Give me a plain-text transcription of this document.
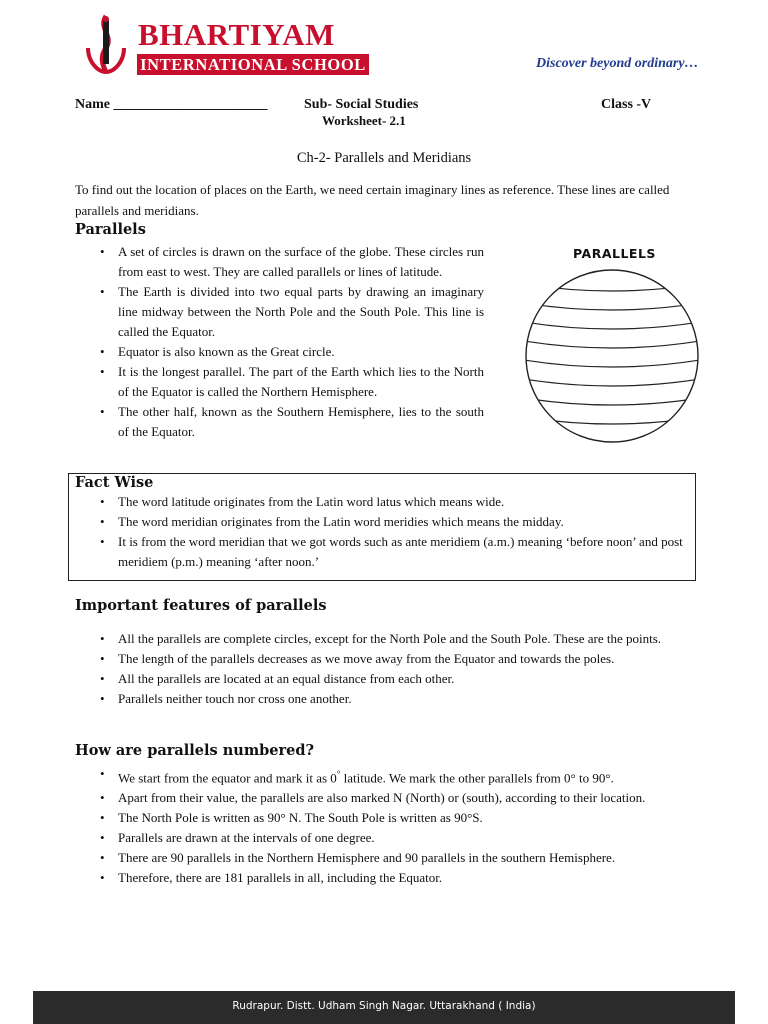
BHARTIYAM
INTERNATIONAL SCHOOL	Discover beyond ordinary…
Name ______________________	Sub- Social Studies	Class -V
Worksheet- 2.1
Ch-2- Parallels and Meridians
To find out the location of places on the Earth, we need certain imaginary lines as reference. These lines are called parallels and meridians.
Parallels
• A set of circles is drawn on the surface of the globe. These circles run from east to west. They are called parallels or lines of latitude.
• The Earth is divided into two equal parts by drawing an imaginary line midway between the North Pole and the South Pole. This line is called the Equator.
• Equator is also known as the Great circle.
• It is the longest parallel. The part of the Earth which lies to the North of the Equator is called the Northern Hemisphere.
• The other half, known as the Southern Hemisphere, lies to the south of the Equator.
PARALLELS
Fact Wise
• The word latitude originates from the Latin word latus which means wide.
• The word meridian originates from the Latin word meridies which means the midday.
• It is from the word meridian that we got words such as ante meridiem (a.m.) meaning ‘before noon’ and post meridiem (p.m.) meaning ‘after noon.’
Important features of parallels
• All the parallels are complete circles, except for the North Pole and the South Pole. These are the points.
• The length of the parallels decreases as we move away from the Equator and towards the poles.
• All the parallels are located at an equal distance from each other.
• Parallels neither touch nor cross one another.
How are parallels numbered?
• We start from the equator and mark it as 0° latitude. We mark the other parallels from 0° to 90°.
• Apart from their value, the parallels are also marked N (North) or (south), according to their location.
• The North Pole is written as 90° N. The South Pole is written as 90°S.
• Parallels are drawn at the intervals of one degree.
• There are 90 parallels in the Northern Hemisphere and 90 parallels in the southern Hemisphere.
• Therefore, there are 181 parallels in all, including the Equator.
Rudrapur. Distt. Udham Singh Nagar. Uttarakhand ( India)
